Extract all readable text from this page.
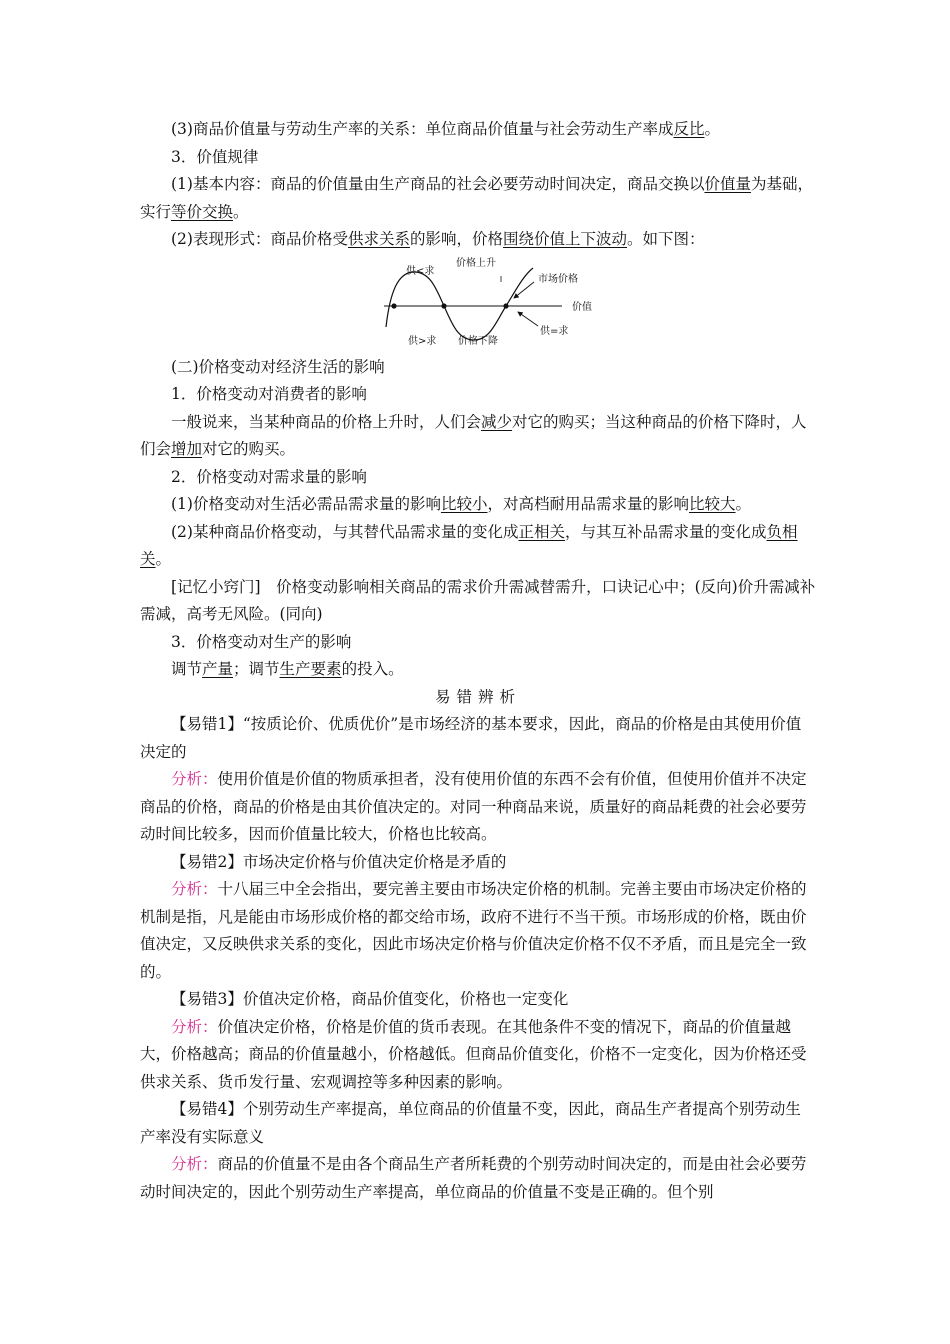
(3)商品价值量与劳动生产率的关系：单位商品价值量与社会劳动生产率成反比。

3．价值规律

(1)基本内容：商品的价值量由生产商品的社会必要劳动时间决定，商品交换以价值量为基础，实行等价交换。

(2)表现形式：商品价格受供求关系的影响，价格围绕价值上下波动。如下图：

供<求
价格上升
市场价格
价值
供>求 价格下降
供=求

(二)价格变动对经济生活的影响

1．价格变动对消费者的影响

一般说来，当某种商品的价格上升时，人们会减少对它的购买；当这种商品的价格下降时，人们会增加对它的购买。

2．价格变动对需求量的影响

(1)价格变动对生活必需品需求量的影响比较小，对高档耐用品需求量的影响比较大。

(2)某种商品价格变动，与其替代品需求量的变化成正相关，与其互补品需求量的变化成负相关。

[记忆小窍门]　价格变动影响相关商品的需求价升需减替需升，口诀记心中；(反向)价升需减补需减，高考无风险。(同向)

3．价格变动对生产的影响

调节产量；调节生产要素的投入。

易错辨析

【易错1】“按质论价、优质优价”是市场经济的基本要求，因此，商品的价格是由其使用价值决定的

分析：使用价值是价值的物质承担者，没有使用价值的东西不会有价值，但使用价值并不决定商品的价格，商品的价格是由其价值决定的。对同一种商品来说，质量好的商品耗费的社会必要劳动时间比较多，因而价值量比较大，价格也比较高。

【易错2】市场决定价格与价值决定价格是矛盾的

分析：十八届三中全会指出，要完善主要由市场决定价格的机制。完善主要由市场决定价格的机制是指，凡是能由市场形成价格的都交给市场，政府不进行不当干预。市场形成的价格，既由价值决定，又反映供求关系的变化，因此市场决定价格与价值决定价格不仅不矛盾，而且是完全一致的。

【易错3】价值决定价格，商品价值变化，价格也一定变化

分析：价值决定价格，价格是价值的货币表现。在其他条件不变的情况下，商品的价值量越大，价格越高；商品的价值量越小，价格越低。但商品价值变化，价格不一定变化，因为价格还受供求关系、货币发行量、宏观调控等多种因素的影响。

【易错4】个别劳动生产率提高，单位商品的价值量不变，因此，商品生产者提高个别劳动生产率没有实际意义

分析：商品的价值量不是由各个商品生产者所耗费的个别劳动时间决定的，而是由社会必要劳动时间决定的，因此个别劳动生产率提高，单位商品的价值量不变是正确的。但个别
